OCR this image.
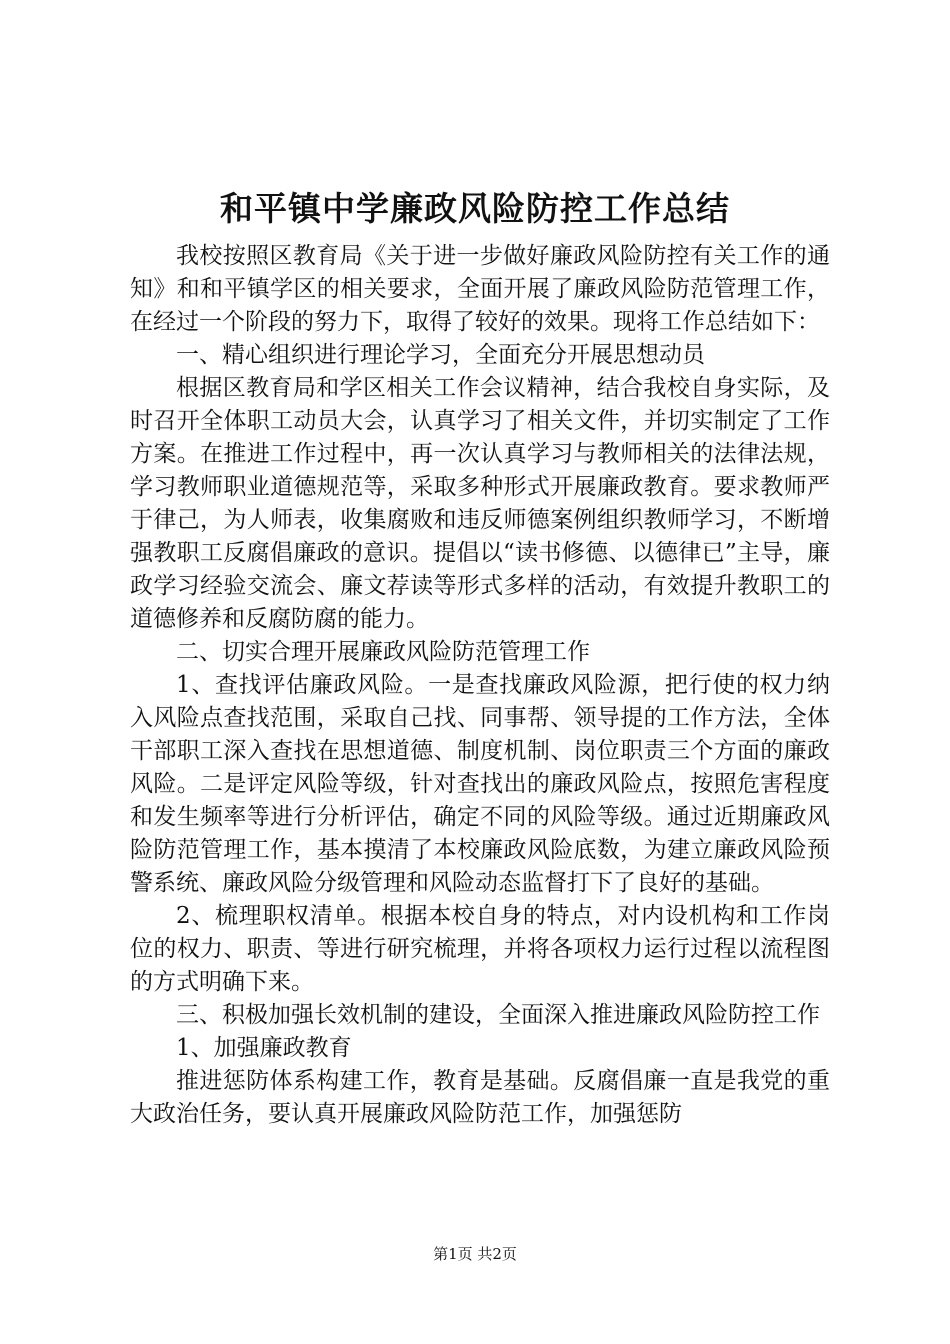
和平镇中学廉政风险防控工作总结

我校按照区教育局《关于进一步做好廉政风险防控有关工作的通知》和和平镇学区的相关要求，全面开展了廉政风险防范管理工作，在经过一个阶段的努力下，取得了较好的效果。现将工作总结如下：

一、精心组织进行理论学习，全面充分开展思想动员

根据区教育局和学区相关工作会议精神，结合我校自身实际，及时召开全体职工动员大会，认真学习了相关文件，并切实制定了工作方案。在推进工作过程中，再一次认真学习与教师相关的法律法规，学习教师职业道德规范等，采取多种形式开展廉政教育。要求教师严于律己，为人师表，收集腐败和违反师德案例组织教师学习，不断增强教职工反腐倡廉政的意识。提倡以“读书修德、以德律已”主导，廉政学习经验交流会、廉文荐读等形式多样的活动，有效提升教职工的道德修养和反腐防腐的能力。

二、切实合理开展廉政风险防范管理工作

1、查找评估廉政风险。一是查找廉政风险源，把行使的权力纳入风险点查找范围，采取自己找、同事帮、领导提的工作方法，全体干部职工深入查找在思想道德、制度机制、岗位职责三个方面的廉政风险。二是评定风险等级，针对查找出的廉政风险点，按照危害程度和发生频率等进行分析评估，确定不同的风险等级。通过近期廉政风险防范管理工作，基本摸清了本校廉政风险底数，为建立廉政风险预警系统、廉政风险分级管理和风险动态监督打下了良好的基础。

2、梳理职权清单。根据本校自身的特点，对内设机构和工作岗位的权力、职责、等进行研究梳理，并将各项权力运行过程以流程图的方式明确下来。

三、积极加强长效机制的建设，全面深入推进廉政风险防控工作

1、加强廉政教育

推进惩防体系构建工作，教育是基础。反腐倡廉一直是我党的重大政治任务，要认真开展廉政风险防范工作，加强惩防

第1页 共2页
